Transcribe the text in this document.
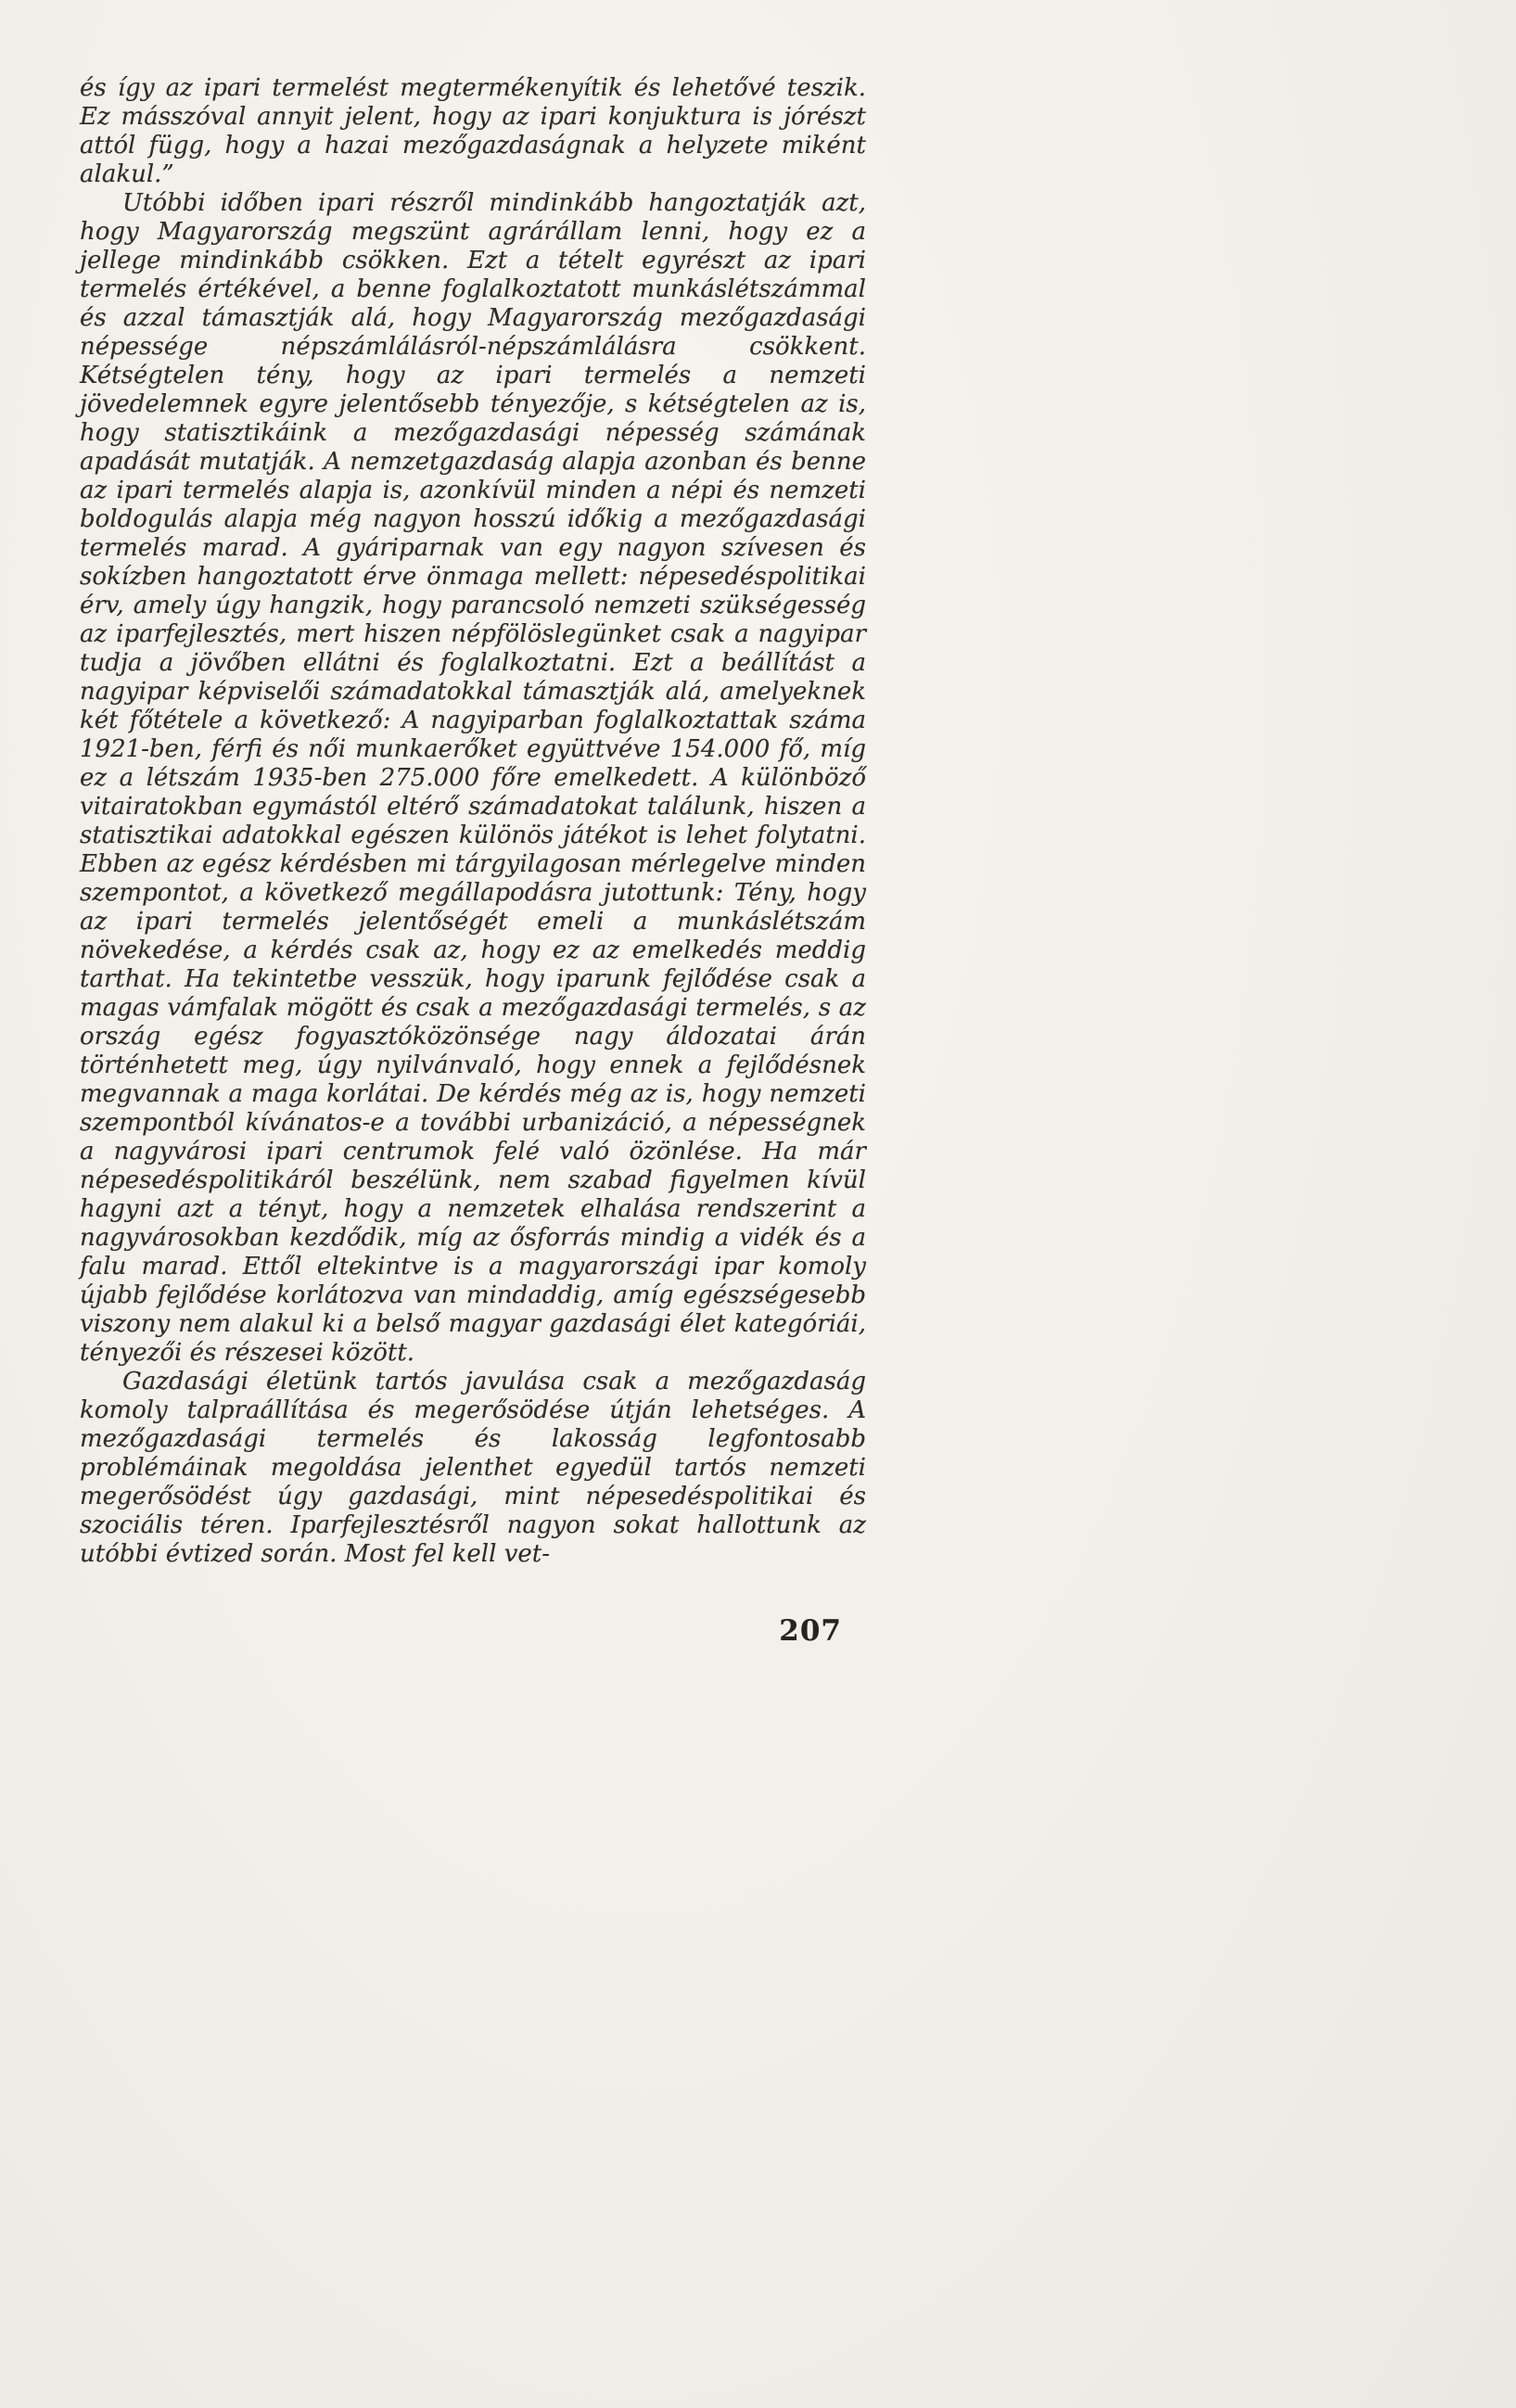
és így az ipari termelést megtermékenyítik és lehetővé teszik. Ez másszóval annyit jelent, hogy az ipari konjuktura is jórészt attól függ, hogy a hazai mezőgazdaságnak a helyzete miként alakul.”

Utóbbi időben ipari részről mindinkább hangoztatják azt, hogy Magyarország megszünt agrárállam lenni, hogy ez a jellege mindinkább csökken. Ezt a tételt egyrészt az ipari termelés értékével, a benne foglalkoztatott munkáslétszámmal és azzal támasztják alá, hogy Magyarország mezőgazdasági népessége népszámlálásról-népszámlálásra csökkent. Kétségtelen tény, hogy az ipari termelés a nemzeti jövedelemnek egyre jelentősebb tényezője, s kétségtelen az is, hogy statisztikáink a mezőgazdasági népesség számának apadását mutatják. A nemzetgazdaság alapja azonban és benne az ipari termelés alapja is, azonkívül minden a népi és nemzeti boldogulás alapja még nagyon hosszú időkig a mezőgazdasági termelés marad. A gyáriparnak van egy nagyon szívesen és sokízben hangoztatott érve önmaga mellett: népesedéspolitikai érv, amely úgy hangzik, hogy parancsoló nemzeti szükségesség az iparfejlesztés, mert hiszen népfölöslegünket csak a nagyipar tudja a jövőben ellátni és foglalkoztatni. Ezt a beállítást a nagyipar képviselői számadatokkal támasztják alá, amelyeknek két főtétele a következő: A nagyiparban foglalkoztattak száma 1921-ben, férfi és női munkaerőket együttvéve 154.000 fő, míg ez a létszám 1935-ben 275.000 főre emelkedett. A különböző vitairatokban egymástól eltérő számadatokat találunk, hiszen a statisztikai adatokkal egészen különös játékot is lehet folytatni. Ebben az egész kérdésben mi tárgyilagosan mérlegelve minden szempontot, a következő megállapodásra jutottunk: Tény, hogy az ipari termelés jelentőségét emeli a munkáslétszám növekedése, a kérdés csak az, hogy ez az emelkedés meddig tarthat. Ha tekintetbe vesszük, hogy iparunk fejlődése csak a magas vámfalak mögött és csak a mezőgazdasági termelés, s az ország egész fogyasztóközönsége nagy áldozatai árán történhetett meg, úgy nyilvánvaló, hogy ennek a fejlődésnek megvannak a maga korlátai. De kérdés még az is, hogy nemzeti szempontból kívánatos-e a további urbanizáció, a népességnek a nagyvárosi ipari centrumok felé való özönlése. Ha már népesedéspolitikáról beszélünk, nem szabad figyelmen kívül hagyni azt a tényt, hogy a nemzetek elhalása rendszerint a nagyvárosokban kezdődik, míg az ősforrás mindig a vidék és a falu marad. Ettől eltekintve is a magyarországi ipar komoly újabb fejlődése korlátozva van mindaddig, amíg egészségesebb viszony nem alakul ki a belső magyar gazdasági élet kategóriái, tényezői és részesei között.

Gazdasági életünk tartós javulása csak a mezőgazdaság komoly talpraállítása és megerősödése útján lehetséges. A mezőgazdasági termelés és lakosság legfontosabb problémáinak megoldása jelenthet egyedül tartós nemzeti megerősödést úgy gazdasági, mint népesedéspolitikai és szociális téren. Iparfejlesztésről nagyon sokat hallottunk az utóbbi évtized során. Most fel kell vet-

207
